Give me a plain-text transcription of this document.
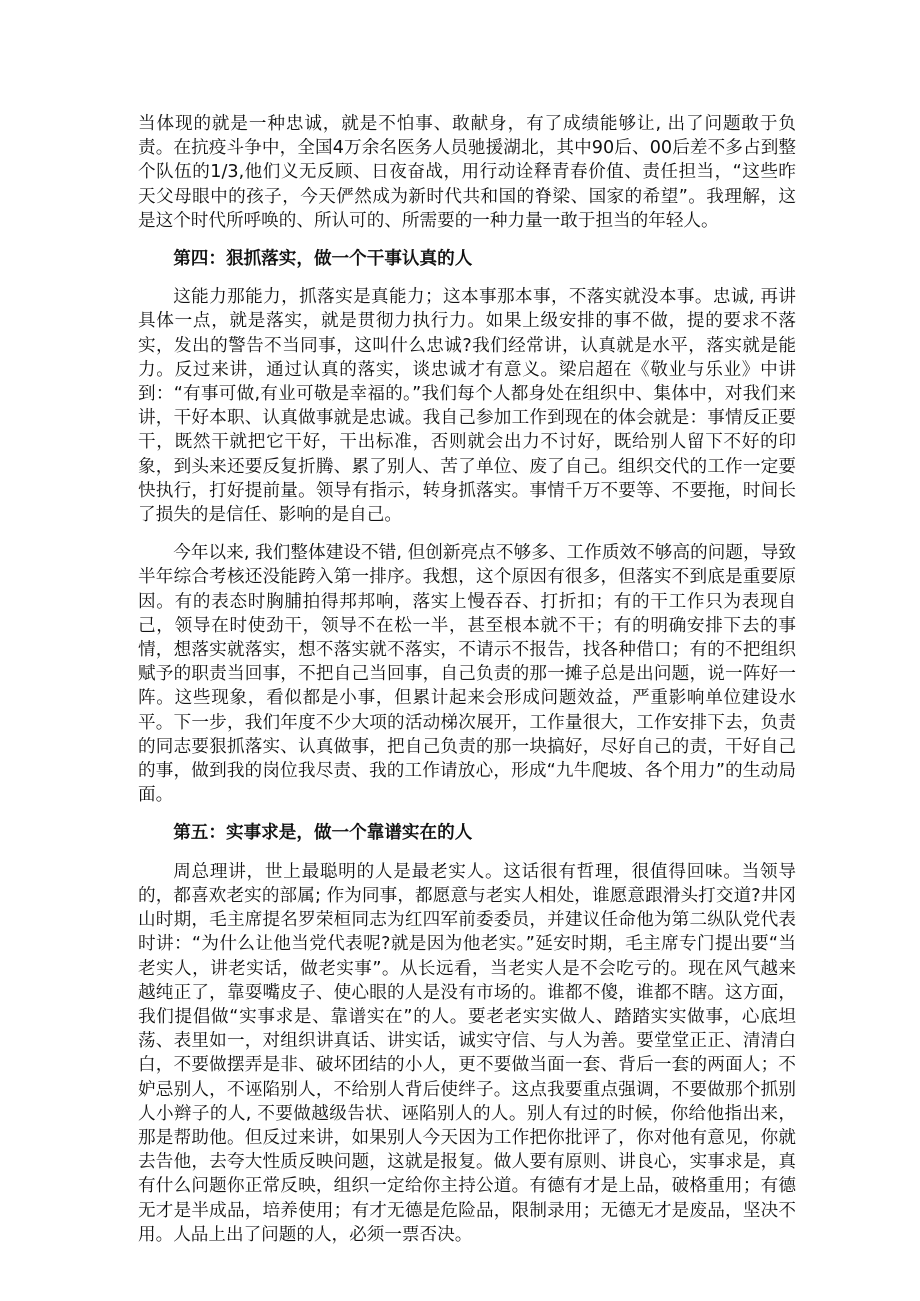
当体现的就是一种忠诚，就是不怕事、敢献身，有了成绩能够让, 出了问题敢于负责。在抗疫斗争中，全国4万余名医务人员驰援湖北，其中90后、00后差不多占到整个队伍的1/3,他们义无反顾、日夜奋战，用行动诠释青春价值、责任担当，“这些昨天父母眼中的孩子，今天俨然成为新时代共和国的脊梁、国家的希望”。我理解，这是这个时代所呼唤的、所认可的、所需要的一种力量一敢于担当的年轻人。

第四：狠抓落实，做一个干事认真的人

这能力那能力，抓落实是真能力；这本事那本事，不落实就没本事。忠诚, 再讲具体一点，就是落实，就是贯彻力执行力。如果上级安排的事不做，提的要求不落实，发出的警告不当同事，这叫什么忠诚?我们经常讲，认真就是水平，落实就是能力。反过来讲，通过认真的落实，谈忠诚才有意义。梁启超在《敬业与乐业》中讲到：“有事可做,有业可敬是幸福的。”我们每个人都身处在组织中、集体中，对我们来讲，干好本职、认真做事就是忠诚。我自己参加工作到现在的体会就是：事情反正要干，既然干就把它干好，干出标准，否则就会出力不讨好，既给别人留下不好的印象，到头来还要反复折腾、累了别人、苦了单位、废了自己。组织交代的工作一定要快执行，打好提前量。领导有指示，转身抓落实。事情千万不要等、不要拖，时间长了损失的是信任、影响的是自己。

今年以来, 我们整体建设不错, 但创新亮点不够多、工作质效不够高的问题，导致半年综合考核还没能跨入第一排序。我想，这个原因有很多，但落实不到底是重要原因。有的表态时胸脯拍得邦邦响，落实上慢吞吞、打折扣；有的干工作只为表现自己，领导在时使劲干，领导不在松一半，甚至根本就不干；有的明确安排下去的事情，想落实就落实，想不落实就不落实，不请示不报告，找各种借口；有的不把组织赋予的职责当回事，不把自己当回事，自己负责的那一摊子总是出问题，说一阵好一阵。这些现象，看似都是小事，但累计起来会形成问题效益，严重影响单位建设水平。下一步，我们年度不少大项的活动梯次展开，工作量很大，工作安排下去，负责的同志要狠抓落实、认真做事，把自己负责的那一块搞好，尽好自己的责，干好自己的事，做到我的岗位我尽责、我的工作请放心，形成“九牛爬坡、各个用力”的生动局面。

第五：实事求是，做一个靠谱实在的人

周总理讲，世上最聪明的人是最老实人。这话很有哲理，很值得回味。当领导的，都喜欢老实的部属; 作为同事，都愿意与老实人相处，谁愿意跟滑头打交道?井冈山时期，毛主席提名罗荣桓同志为红四军前委委员，并建议任命他为第二纵队党代表时讲：“为什么让他当党代表呢?就是因为他老实。”延安时期，毛主席专门提出要“当老实人，讲老实话，做老实事”。从长远看，当老实人是不会吃亏的。现在风气越来越纯正了，靠耍嘴皮子、使心眼的人是没有市场的。谁都不傻，谁都不瞎。这方面，我们提倡做“实事求是、靠谱实在”的人。要老老实实做人、踏踏实实做事，心底坦荡、表里如一，对组织讲真话、讲实话，诚实守信、与人为善。要堂堂正正、清清白白，不要做摆弄是非、破坏团结的小人，更不要做当面一套、背后一套的两面人；不妒忌别人，不诬陷别人，不给别人背后使绊子。这点我要重点强调，不要做那个抓别人小辫子的人, 不要做越级告状、诬陷别人的人。别人有过的时候，你给他指出来，那是帮助他。但反过来讲，如果别人今天因为工作把你批评了，你对他有意见，你就去告他，去夸大性质反映问题，这就是报复。做人要有原则、讲良心，实事求是，真有什么问题你正常反映，组织一定给你主持公道。有德有才是上品，破格重用；有德无才是半成品，培养使用；有才无德是危险品，限制录用；无德无才是废品，坚决不用。人品上出了问题的人，必须一票否决。
